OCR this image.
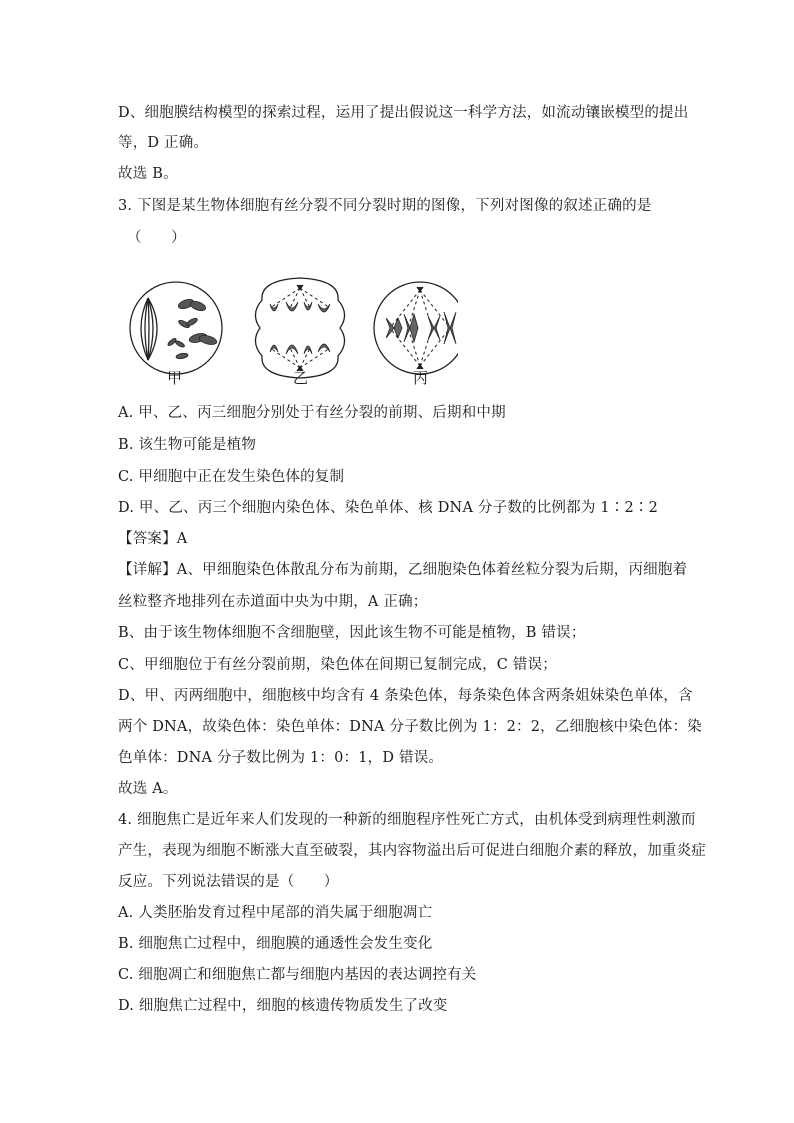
D、细胞膜结构模型的探索过程，运用了提出假说这一科学方法，如流动镶嵌模型的提出
等，D 正确。
故选 B。
3. 下图是某生物体细胞有丝分裂不同分裂时期的图像，下列对图像的叙述正确的是
（　　）
甲	乙	丙
A. 甲、乙、丙三细胞分别处于有丝分裂的前期、后期和中期
B. 该生物可能是植物
C. 甲细胞中正在发生染色体的复制
D. 甲、乙、丙三个细胞内染色体、染色单体、核 DNA 分子数的比例都为 1∶2∶2
【答案】A
【详解】A、甲细胞染色体散乱分布为前期，乙细胞染色体着丝粒分裂为后期，丙细胞着
丝粒整齐地排列在赤道面中央为中期，A 正确；
B、由于该生物体细胞不含细胞壁，因此该生物不可能是植物，B 错误；
C、甲细胞位于有丝分裂前期，染色体在间期已复制完成，C 错误；
D、甲、丙两细胞中，细胞核中均含有 4 条染色体，每条染色体含两条姐妹染色单体，含
两个 DNA，故染色体：染色单体：DNA 分子数比例为 1：2：2，乙细胞核中染色体：染
色单体：DNA 分子数比例为 1：0：1，D 错误。
故选 A。
4. 细胞焦亡是近年来人们发现的一种新的细胞程序性死亡方式，由机体受到病理性刺激而
产生，表现为细胞不断涨大直至破裂，其内容物溢出后可促进白细胞介素的释放，加重炎症
反应。下列说法错误的是（　　）
A. 人类胚胎发育过程中尾部的消失属于细胞凋亡
B. 细胞焦亡过程中，细胞膜的通透性会发生变化
C. 细胞凋亡和细胞焦亡都与细胞内基因的表达调控有关
D. 细胞焦亡过程中，细胞的核遗传物质发生了改变
